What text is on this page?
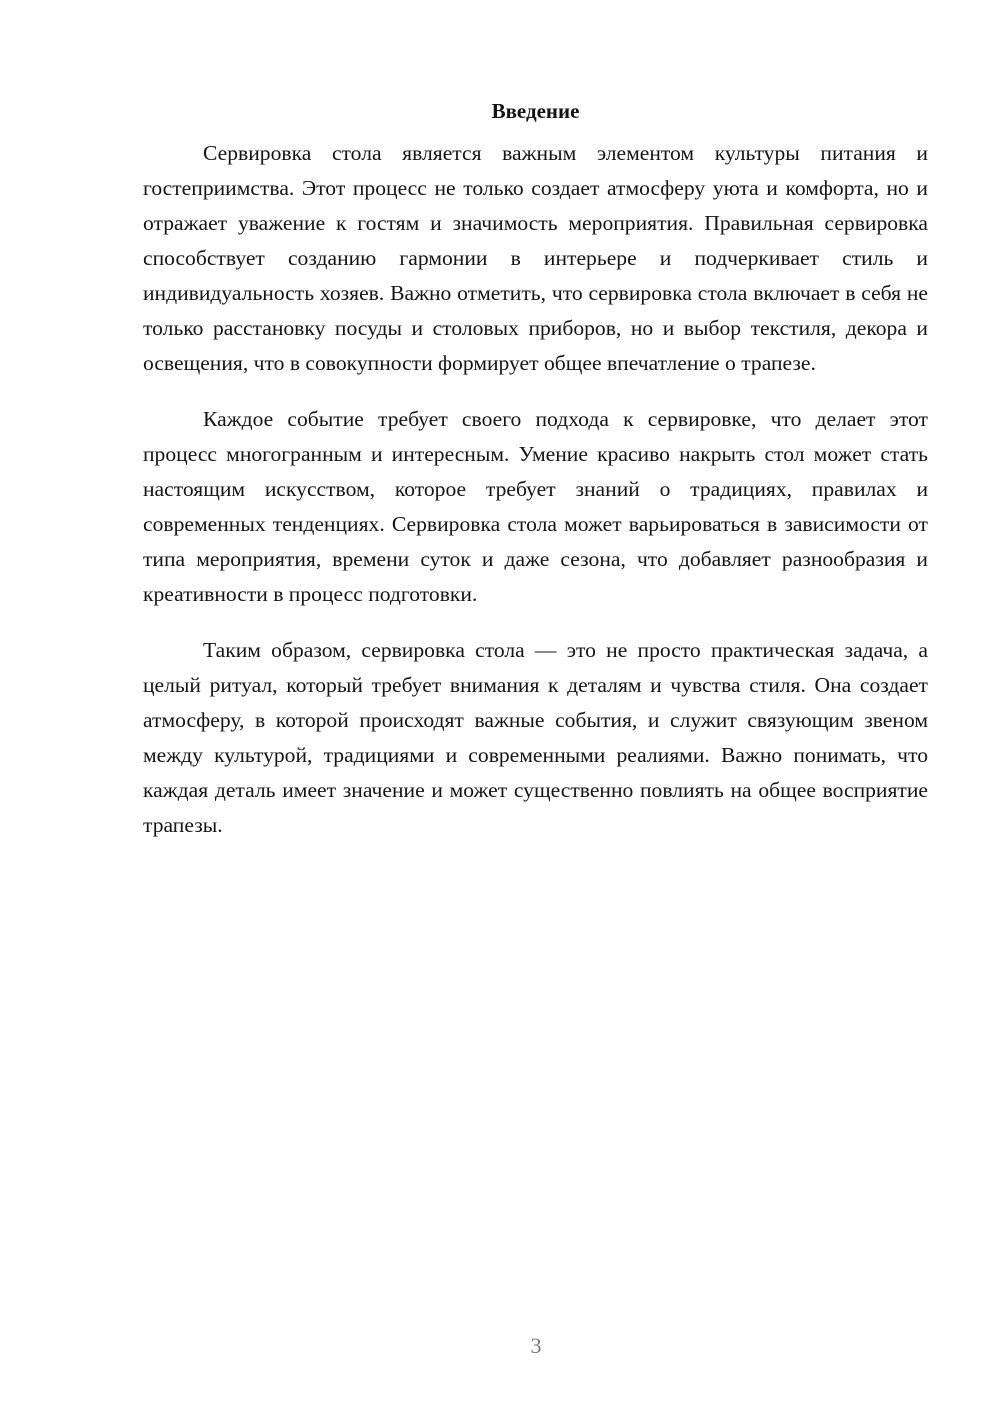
Введение

Сервировка стола является важным элементом культуры питания и гостеприимства. Этот процесс не только создает атмосферу уюта и комфорта, но и отражает уважение к гостям и значимость мероприятия. Правильная сервировка способствует созданию гармонии в интерьере и подчеркивает стиль и индивидуальность хозяев. Важно отметить, что сервировка стола включает в себя не только расстановку посуды и столовых приборов, но и выбор текстиля, декора и освещения, что в совокупности формирует общее впечатление о трапезе.

Каждое событие требует своего подхода к сервировке, что делает этот процесс многогранным и интересным. Умение красиво накрыть стол может стать настоящим искусством, которое требует знаний о традициях, правилах и современных тенденциях. Сервировка стола может варьироваться в зависимости от типа мероприятия, времени суток и даже сезона, что добавляет разнообразия и креативности в процесс подготовки.

Таким образом, сервировка стола — это не просто практическая задача, а целый ритуал, который требует внимания к деталям и чувства стиля. Она создает атмосферу, в которой происходят важные события, и служит связующим звеном между культурой, традициями и современными реалиями. Важно понимать, что каждая деталь имеет значение и может существенно повлиять на общее восприятие трапезы.

3
